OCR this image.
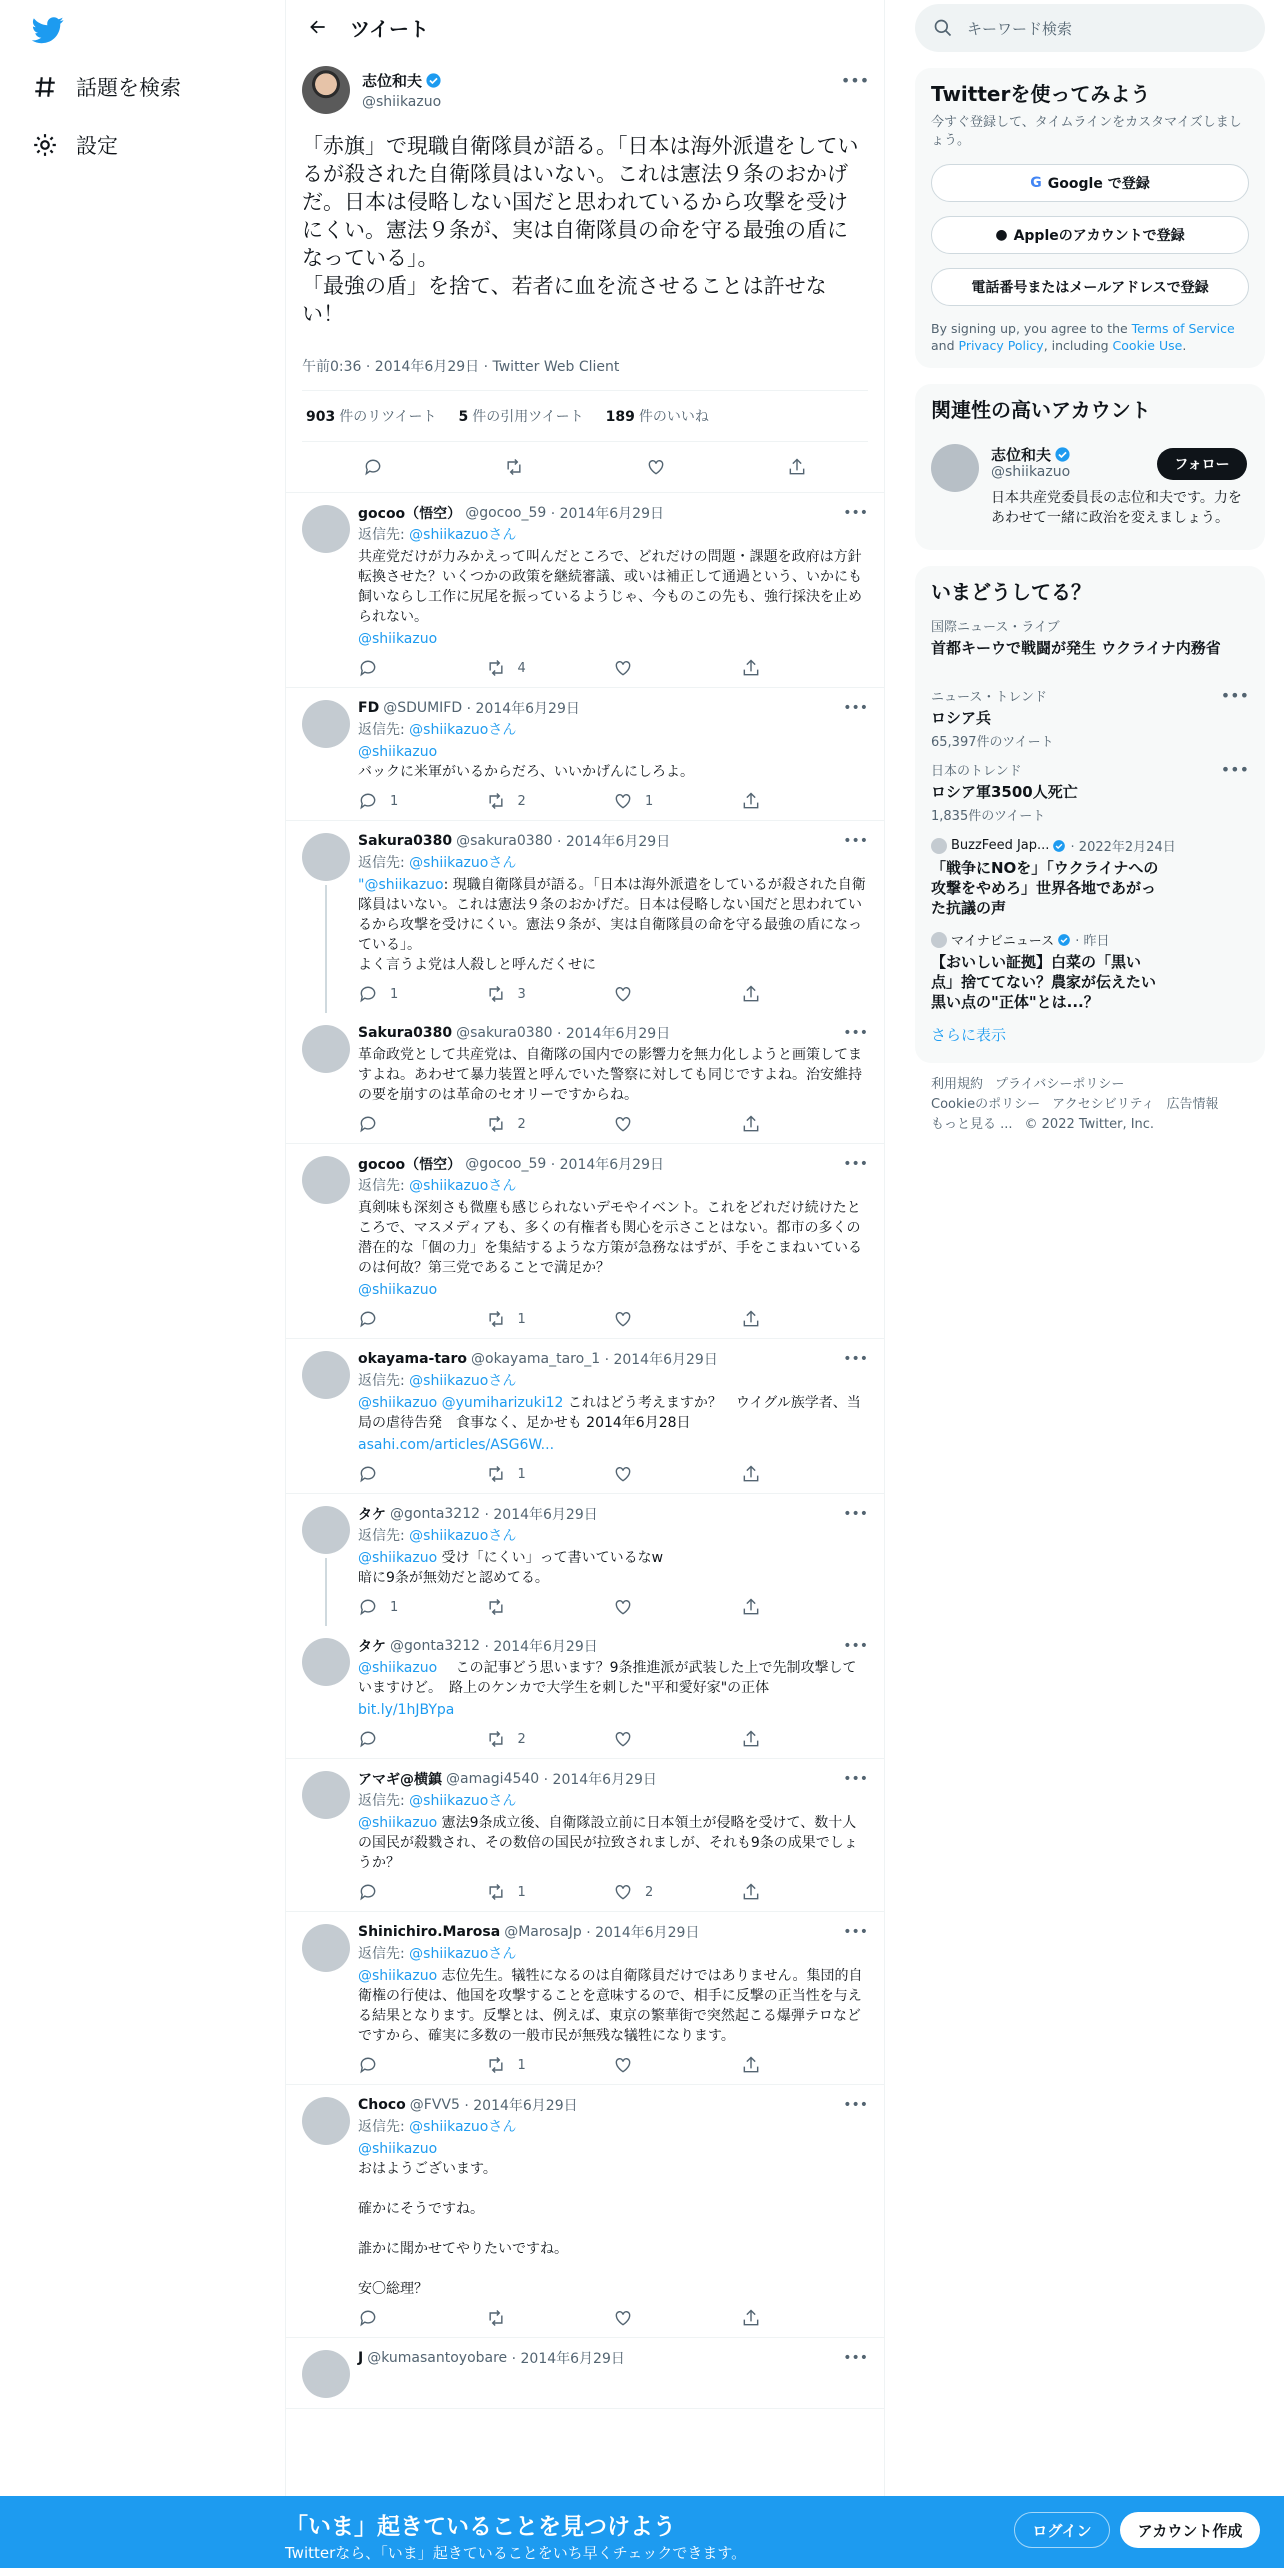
話題を検索
設定
ツイート
志位和夫
@shiikazuo
•••
「赤旗」で現職自衛隊員が語る。「日本は海外派遣をしているが殺された自衛隊員はいない。これは憲法９条のおかげだ。日本は侵略しない国だと思われているから攻撃を受けにくい。憲法９条が、実は自衛隊員の命を守る最強の盾になっている」。
「最強の盾」を捨て、若者に血を流させることは許せない！
午前0:36 · 2014年6月29日 · Twitter Web Client
903 件のリツイート 5 件の引用ツイート 189 件のいいね
gocoo（悟空） @gocoo_59
· 2014年6月29日	•••
返信先: @shiikazuoさん
共産党だけが力みかえって叫んだところで、どれだけの問題・課題を政府は方針転換させた？いくつかの政策を継続審議、或いは補正して通過という、いかにも飼いならし工作に尻尾を振っているようじゃ、今ものこの先も、強行採決を止められない。
@shiikazuo
4
FD @SDUMIFD
· 2014年6月29日	•••
返信先: @shiikazuoさん
@shiikazuo
バックに米軍がいるからだろ、いいかげんにしろよ。
1	2	1
Sakura0380 @sakura0380
· 2014年6月29日	•••
返信先: @shiikazuoさん
"@shiikazuo: 現職自衛隊員が語る。「日本は海外派遣をしているが殺された自衛隊員はいない。これは憲法９条のおかげだ。日本は侵略しない国だと思われているから攻撃を受けにくい。憲法９条が、実は自衛隊員の命を守る最強の盾になっている」。
よく言うよ党は人殺しと呼んだくせに
1	3
Sakura0380 @sakura0380
· 2014年6月29日	•••
革命政党として共産党は、自衛隊の国内での影響力を無力化しようと画策してますよね。あわせて暴力装置と呼んでいた警察に対しても同じですよね。治安維持の要を崩すのは革命のセオリーですからね。
2
gocoo（悟空） @gocoo_59
· 2014年6月29日	•••
返信先: @shiikazuoさん
真剣味も深刻さも微塵も感じられないデモやイベント。これをどれだけ続けたところで、マスメディアも、多くの有権者も関心を示さことはない。都市の多くの潜在的な「個の力」を集結するような方策が急務なはずが、手をこまねいているのは何故？第三党であることで満足か？
@shiikazuo
1
okayama-taro @okayama_taro_1
· 2014年6月29日	•••
返信先: @shiikazuoさん
@shiikazuo @yumiharizuki12 これはどう考えますか？　ウイグル族学者、当局の虐待告発　食事なく、足かせも 2014年6月28日
asahi.com/articles/ASG6W...
1
タケ @gonta3212
· 2014年6月29日	•••
返信先: @shiikazuoさん
@shiikazuo 受け「にくい」って書いているなw
暗に9条が無効だと認めてる。
1
タケ @gonta3212
· 2014年6月29日	•••
@shiikazuo　 この記事どう思います？9条推進派が武装した上で先制攻撃していますけど。　路上のケンカで大学生を刺した"平和愛好家"の正体
bit.ly/1hJBYpa
2
アマギ@横鎮 @amagi4540
· 2014年6月29日	•••
返信先: @shiikazuoさん
@shiikazuo 憲法9条成立後、自衛隊設立前に日本領土が侵略を受けて、数十人の国民が殺戮され、その数倍の国民が拉致されましが、それも9条の成果でしょうか？
1	2
Shinichiro.Marosa @MarosaJp
· 2014年6月29日	•••
返信先: @shiikazuoさん
@shiikazuo 志位先生。犠牲になるのは自衛隊員だけではありません。集団的自衛権の行使は、他国を攻撃することを意味するので、相手に反撃の正当性を与える結果となります。反撃とは、例えば、東京の繁華街で突然起こる爆弾テロなどですから、確実に多数の一般市民が無残な犠牲になります。
1
Choco @FVV5
· 2014年6月29日	•••
返信先: @shiikazuoさん
@shiikazuo
おはようございます。

確かにそうですね。

誰かに聞かせてやりたいですね。

安〇総理？
J @kumasantoyobare
· 2014年6月29日	•••
キーワード検索
Twitterを使ってみよう
今すぐ登録して、タイムラインをカスタマイズしましょう。
G Google で登録
● Appleのアカウントで登録
電話番号またはメールアドレスで登録
By signing up, you agree to the Terms of Service and Privacy Policy, including Cookie Use.
関連性の高いアカウント
志位和夫
@shiikazuo	フォロー
日本共産党委員長の志位和夫です。力をあわせて一緒に政治を変えましょう。
いまどうしてる？
国際ニュース・ライブ
首都キーウで戦闘が発生 ウクライナ内務省
ニュース・トレンド
ロシア兵
65,397件のツイート
•••
日本のトレンド
ロシア軍3500人死亡
1,835件のツイート
•••
BuzzFeed Jap...
· 2022年2月24日
「戦争にNOを」「ウクライナへの攻撃をやめろ」世界各地であがった抗議の声
マイナビニュース
· 昨日
【おいしい証拠】白菜の「黒い点」捨ててない？農家が伝えたい黒い点の"正体"とは...？
さらに表示
利用規約 プライバシーポリシー
Cookieのポリシー アクセシビリティ 広告情報
もっと見る ... © 2022 Twitter, Inc.
「いま」起きていることを見つけよう
Twitterなら、「いま」起きていることをいち早くチェックできます。
ログイン	アカウント作成
